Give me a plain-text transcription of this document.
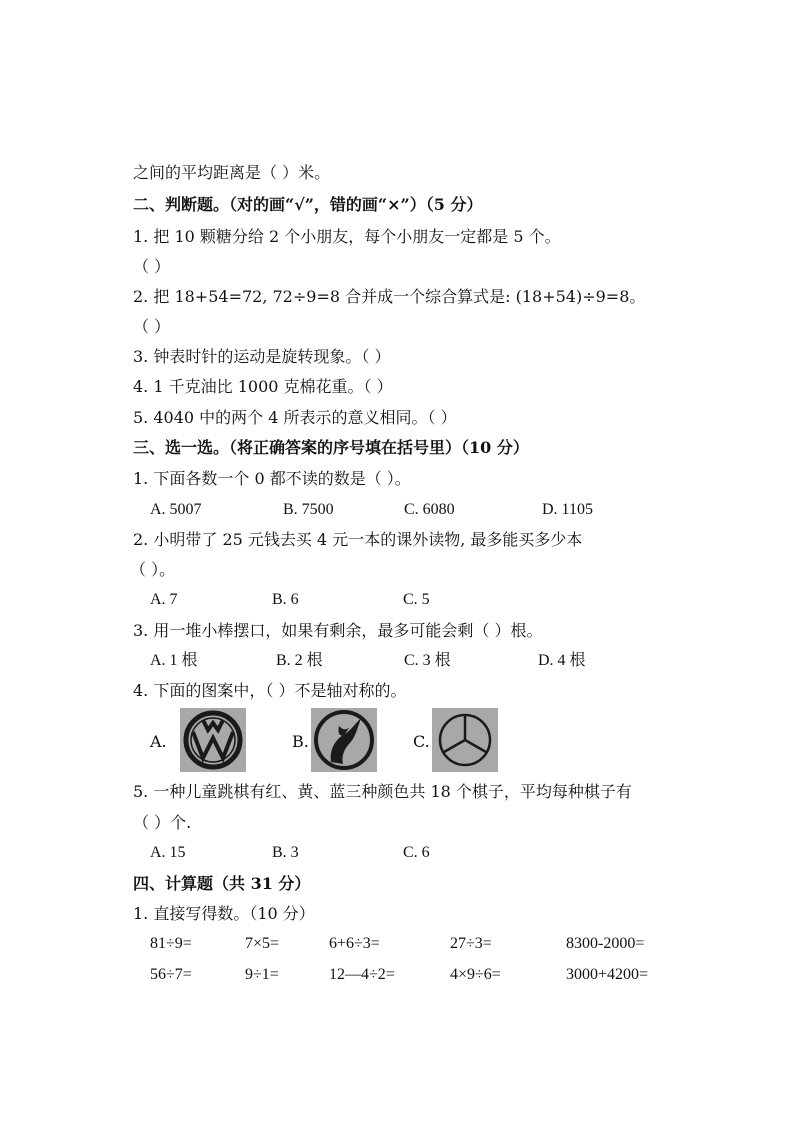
之间的平均距离是（ ）米。
二、判断题。（对的画“√”，错的画“×”）（5 分）
1. 把 10 颗糖分给 2 个小朋友，每个小朋友一定都是 5 个。
（ ）
2. 把 18+54=72, 72÷9=8 合并成一个综合算式是: (18+54)÷9=8。
（ ）
3. 钟表时针的运动是旋转现象。（ ）
4. 1 千克油比 1000 克棉花重。（ ）
5. 4040 中的两个 4 所表示的意义相同。（ ）
三、选一选。（将正确答案的序号填在括号里）（10 分）
1. 下面各数一个 0 都不读的数是（ ）。
A. 5007	B. 7500	C. 6080	D. 1105
2. 小明带了 25 元钱去买 4 元一本的课外读物, 最多能买多少本
（ ）。
A. 7	B. 6	C. 5
3. 用一堆小棒摆口，如果有剩余，最多可能会剩（ ）根。
A. 1 根	B. 2 根	C. 3 根	D. 4 根
4. 下面的图案中，（ ）不是轴对称的。
A.	B.	C.
5. 一种儿童跳棋有红、黄、蓝三种颜色共 18 个棋子，平均每种棋子有
（ ）个.
A. 15	B. 3	C. 6
四、计算题（共 31 分）
1. 直接写得数。（10 分）
81÷9=	7×5=	6+6÷3=	27÷3=	8300-2000=
56÷7=	9÷1=	12—4÷2=	4×9÷6=	3000+4200=
